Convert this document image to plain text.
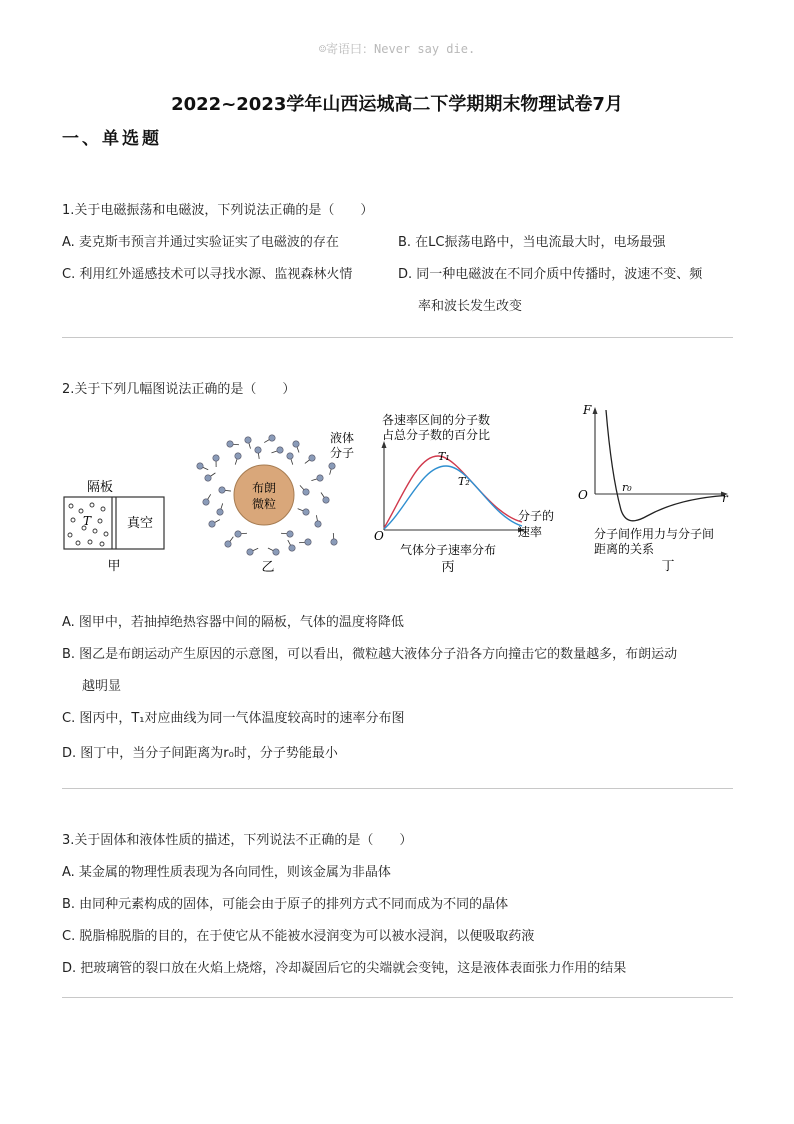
☺寄语曰：Never say die.
2022~2023学年山西运城高二下学期期末物理试卷7月
一、单选题
1.关于电磁振荡和电磁波，下列说法正确的是（　　）
A. 麦克斯韦预言并通过实验证实了电磁波的存在	B. 在LC振荡电路中，当电流最大时，电场最强
C. 利用红外遥感技术可以寻找水源、监视森林火情	D. 同一种电磁波在不同介质中传播时，波速不变、频
率和波长发生改变
2.关于下列几幅图说法正确的是（　　）
隔板
T	真空
甲
布朗
微粒
液体
分子
乙
各速率区间的分子数
占总分子数的百分比
T₁
T₂
分子的
速率
O
气体分子速率分布
丙
F
O
r₀
r
分子间作用力与分子间
距离的关系
丁
A. 图甲中，若抽掉绝热容器中间的隔板，气体的温度将降低
B. 图乙是布朗运动产生原因的示意图，可以看出，微粒越大液体分子沿各方向撞击它的数量越多，布朗运动
越明显
C. 图丙中，T₁对应曲线为同一气体温度较高时的速率分布图
D. 图丁中，当分子间距离为r₀时，分子势能最小
3.关于固体和液体性质的描述，下列说法不正确的是（　　）
A. 某金属的物理性质表现为各向同性，则该金属为非晶体
B. 由同种元素构成的固体，可能会由于原子的排列方式不同而成为不同的晶体
C. 脱脂棉脱脂的目的，在于使它从不能被水浸润变为可以被水浸润，以便吸取药液
D. 把玻璃管的裂口放在火焰上烧熔，冷却凝固后它的尖端就会变钝，这是液体表面张力作用的结果
